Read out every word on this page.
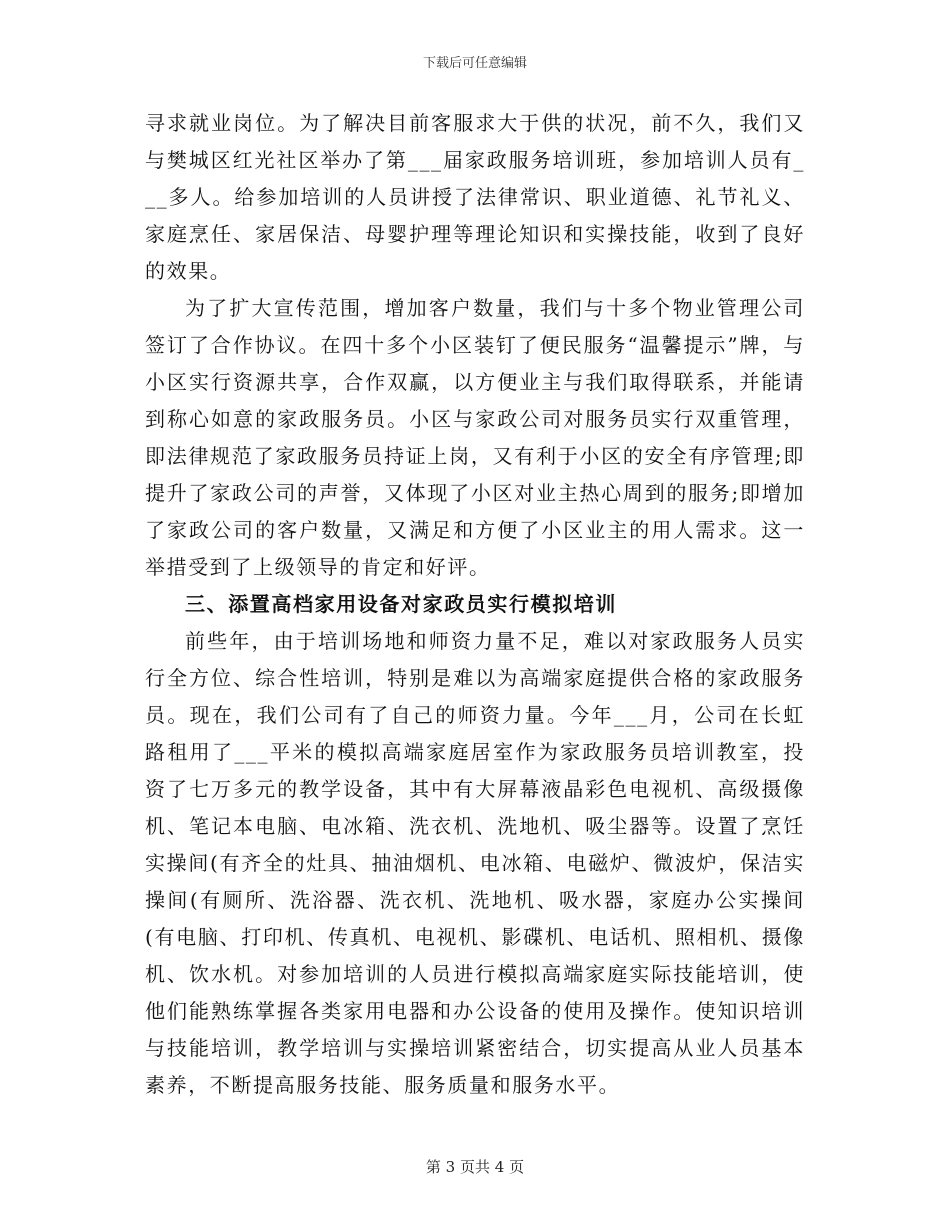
下载后可任意编辑

寻求就业岗位。为了解决目前客服求大于供的状况，前不久，我们又与樊城区红光社区举办了第___届家政服务培训班，参加培训人员有___多人。给参加培训的人员讲授了法律常识、职业道德、礼节礼义、家庭烹任、家居保洁、母婴护理等理论知识和实操技能，收到了良好的效果。

为了扩大宣传范围，增加客户数量，我们与十多个物业管理公司签订了合作协议。在四十多个小区装钉了便民服务“温馨提示”牌，与小区实行资源共享，合作双赢，以方便业主与我们取得联系，并能请到称心如意的家政服务员。小区与家政公司对服务员实行双重管理，即法律规范了家政服务员持证上岗，又有利于小区的安全有序管理;即提升了家政公司的声誉，又体现了小区对业主热心周到的服务;即增加了家政公司的客户数量，又满足和方便了小区业主的用人需求。这一举措受到了上级领导的肯定和好评。

三、添置高档家用设备对家政员实行模拟培训

前些年，由于培训场地和师资力量不足，难以对家政服务人员实行全方位、综合性培训，特别是难以为高端家庭提供合格的家政服务员。现在，我们公司有了自己的师资力量。今年___月，公司在长虹路租用了___平米的模拟高端家庭居室作为家政服务员培训教室，投资了七万多元的教学设备，其中有大屏幕液晶彩色电视机、高级摄像机、笔记本电脑、电冰箱、洗衣机、洗地机、吸尘器等。设置了烹饪实操间(有齐全的灶具、抽油烟机、电冰箱、电磁炉、微波炉，保洁实操间(有厕所、洗浴器、洗衣机、洗地机、吸水器，家庭办公实操间(有电脑、打印机、传真机、电视机、影碟机、电话机、照相机、摄像机、饮水机。对参加培训的人员进行模拟高端家庭实际技能培训，使他们能熟练掌握各类家用电器和办公设备的使用及操作。使知识培训与技能培训，教学培训与实操培训紧密结合，切实提高从业人员基本素养，不断提高服务技能、服务质量和服务水平。

第 3 页共 4 页
